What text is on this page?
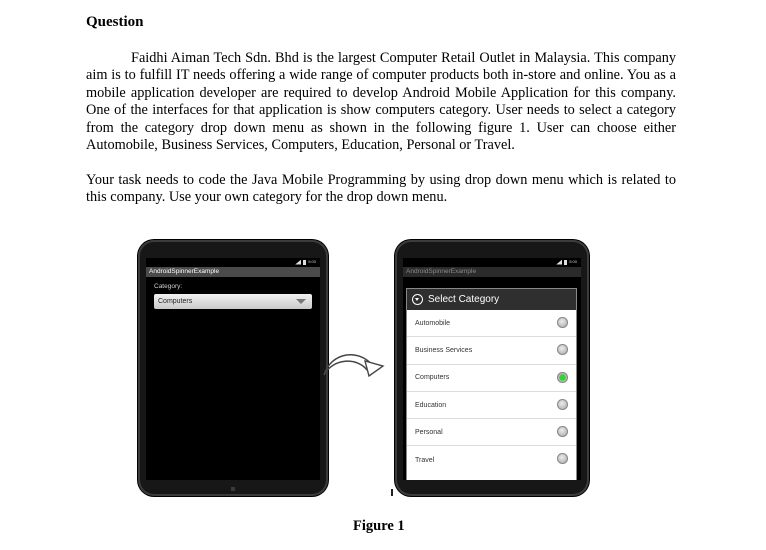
Question

Faidhi Aiman Tech Sdn. Bhd is the largest Computer Retail Outlet in Malaysia. This company aim is to fulfill IT needs offering a wide range of computer products both in-store and online. You as a mobile application developer are required to develop Android Mobile Application for this company. One of the interfaces for that application is show computers category. User needs to select a category from the category drop down menu as shown in the following figure 1. User can choose either Automobile, Business Services, Computers, Education, Personal or Travel.

Your task needs to code the Java Mobile Programming by using drop down menu which is related to this company. Use your own category for the drop down menu.

5:00
AndroidSpinnerExample
Category:
Computers
5:00
AndroidSpinnerExample
Select Category
Automobile
Business Services
Computers
Education
Personal
Travel
Figure 1
